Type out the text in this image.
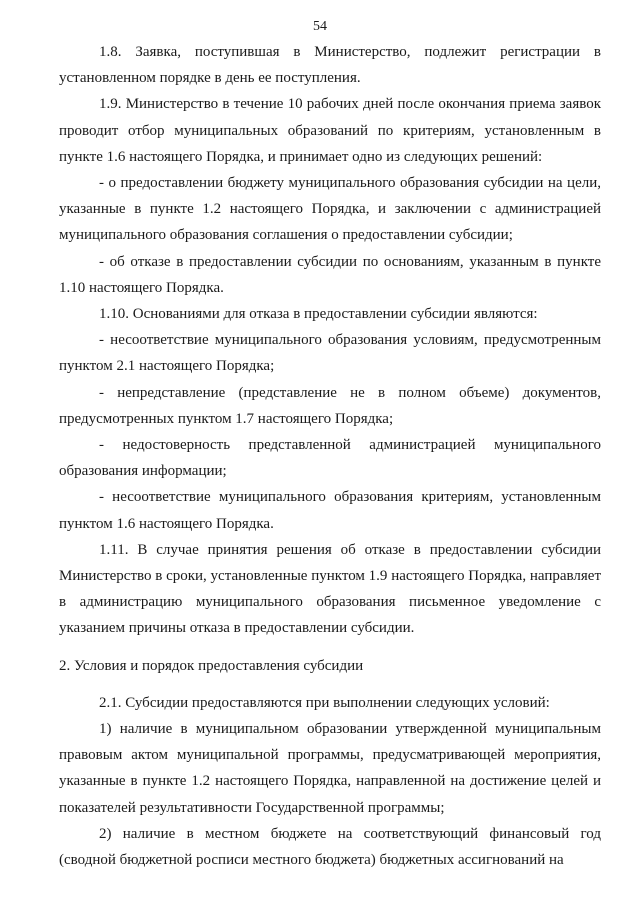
54

1.8. Заявка, поступившая в Министерство, подлежит регистрации в установленном порядке в день ее поступления.

1.9. Министерство в течение 10 рабочих дней после окончания приема заявок проводит отбор муниципальных образований по критериям, установленным в пункте 1.6 настоящего Порядка, и принимает одно из следующих решений:

- о предоставлении бюджету муниципального образования субсидии на цели, указанные в пункте 1.2 настоящего Порядка, и заключении с администрацией муниципального образования соглашения о предоставлении субсидии;

- об отказе в предоставлении субсидии по основаниям, указанным в пункте 1.10 настоящего Порядка.

1.10. Основаниями для отказа в предоставлении субсидии являются:

- несоответствие муниципального образования условиям, предусмотренным пунктом 2.1 настоящего Порядка;

- непредставление (представление не в полном объеме) документов, предусмотренных пунктом 1.7 настоящего Порядка;

- недостоверность представленной администрацией муниципального образования информации;

- несоответствие муниципального образования критериям, установленным пунктом 1.6 настоящего Порядка.

1.11. В случае принятия решения об отказе в предоставлении субсидии Министерство в сроки, установленные пунктом 1.9 настоящего Порядка, направляет в администрацию муниципального образования письменное уведомление с указанием причины отказа в предоставлении субсидии.

2. Условия и порядок предоставления субсидии

2.1. Субсидии предоставляются при выполнении следующих условий:

1) наличие в муниципальном образовании утвержденной муниципальным правовым актом муниципальной программы, предусматривающей мероприятия, указанные в пункте 1.2 настоящего Порядка, направленной на достижение целей и показателей результативности Государственной программы;

2) наличие в местном бюджете на соответствующий финансовый год (сводной бюджетной росписи местного бюджета) бюджетных ассигнований на
